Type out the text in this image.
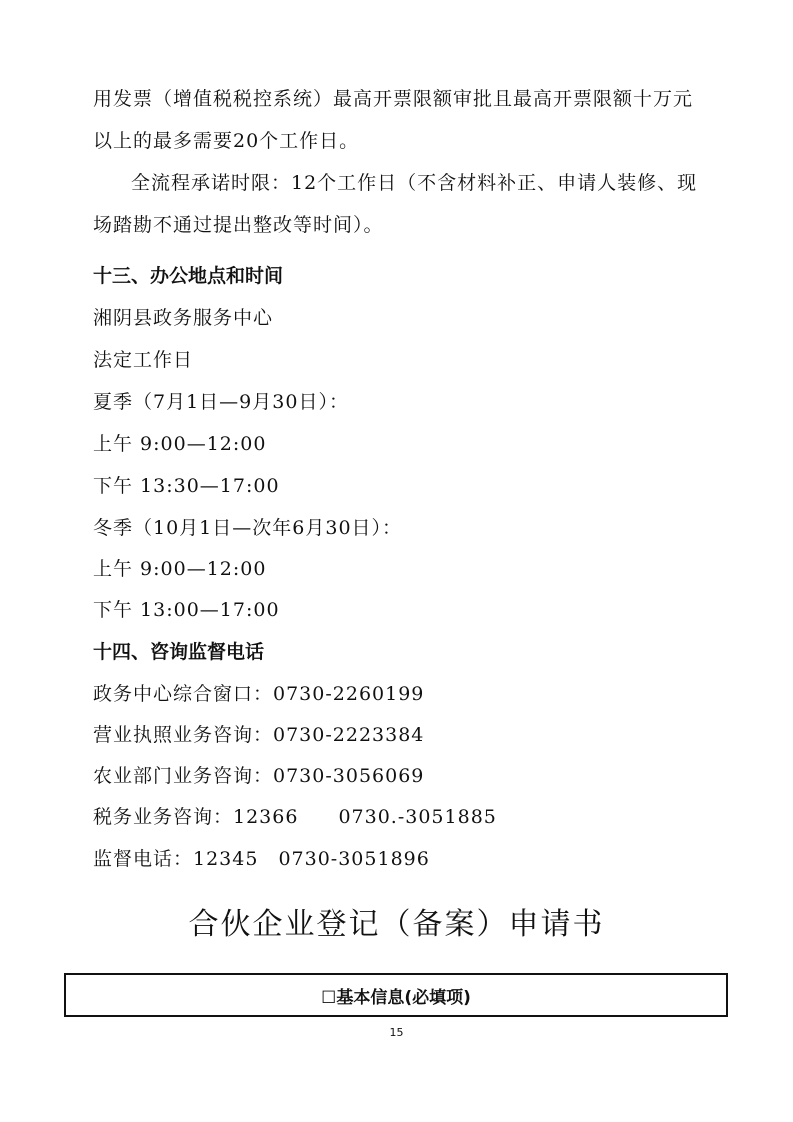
用发票（增值税税控系统）最高开票限额审批且最高开票限额十万元以上的最多需要20个工作日。

全流程承诺时限：12个工作日（不含材料补正、申请人装修、现场踏勘不通过提出整改等时间）。

十三、办公地点和时间
湘阴县政务服务中心
法定工作日
夏季（7月1日—9月30日）：
上午 9:00—12:00
下午 13:30—17:00
冬季（10月1日—次年6月30日）：
上午 9:00—12:00
下午 13:00—17:00
十四、咨询监督电话
政务中心综合窗口：0730-2260199
营业执照业务咨询：0730-2223384
农业部门业务咨询：0730-3056069
税务业务咨询：12366　　0730.-3051885
监督电话：12345　0730-3051896
合伙企业登记（备案）申请书
☐基本信息(必填项)
15
